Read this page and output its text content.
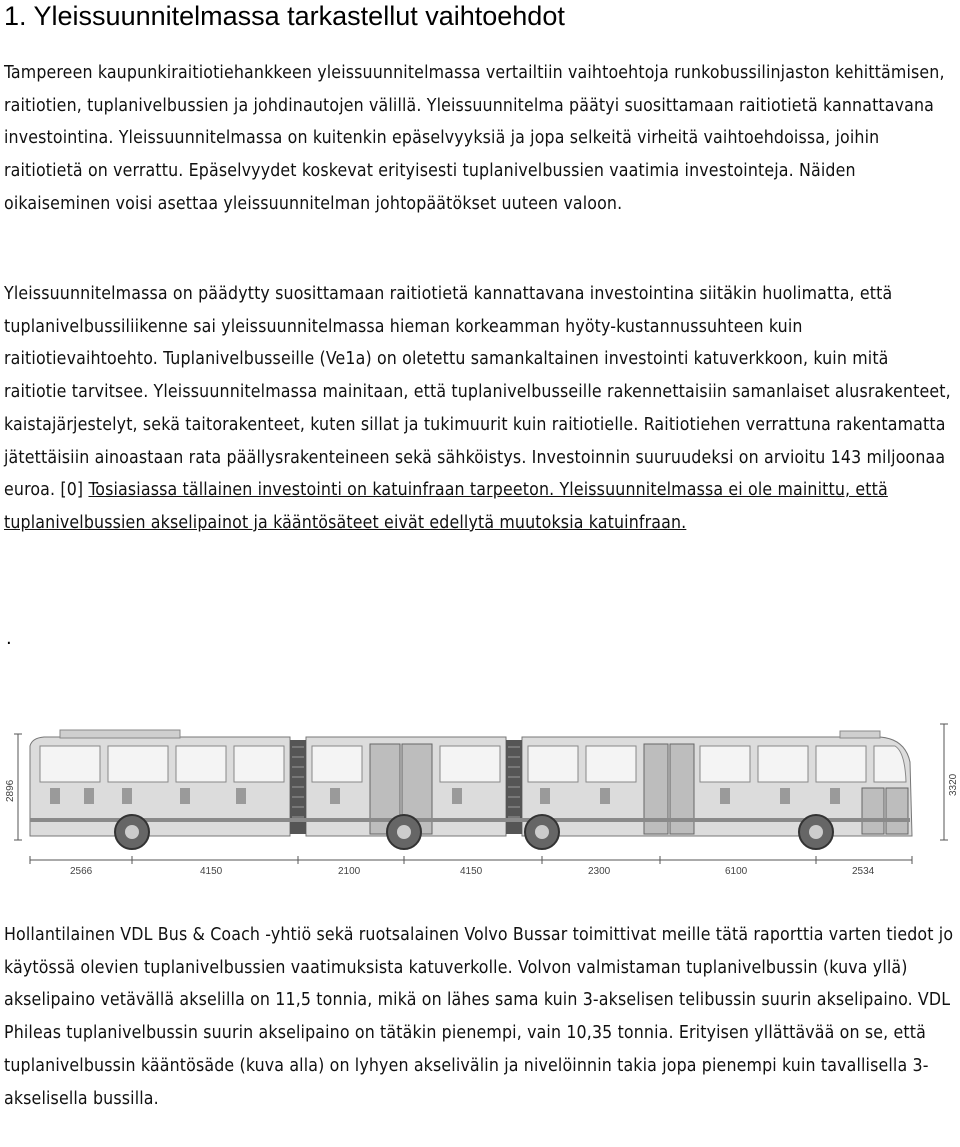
1. Yleissuunnitelmassa tarkastellut vaihtoehdot
Tampereen kaupunkiraitiotiehankkeen yleissuunnitelmassa vertailtiin vaihtoehtoja runkobussilinjaston kehittämisen, raitiotien, tuplanivelbussien ja johdinautojen välillä. Yleissuunnitelma päätyi suosittamaan raitiotietä kannattavana investointina. Yleissuunnitelmassa on kuitenkin epäselvyyksiä ja jopa selkeitä virheitä vaihtoehdoissa, joihin raitiotietä on verrattu. Epäselvyydet koskevat erityisesti tuplanivelbussien vaatimia investointeja. Näiden oikaiseminen voisi asettaa yleissuunnitelman johtopäätökset uuteen valoon.
Yleissuunnitelmassa on päädytty suosittamaan raitiotietä kannattavana investointina siitäkin huolimatta, että tuplanivelbussiliikenne sai yleissuunnitelmassa hieman korkeamman hyöty-kustannussuhteen kuin raitiotievaihtoehto. Tuplanivelbusseille (Ve1a) on oletettu samankaltainen investointi katuverkkoon, kuin mitä raitiotie tarvitsee. Yleissuunnitelmassa mainitaan, että tuplanivelbusseille rakennettaisiin samanlaiset alusrakenteet, kaistajärjestelyt, sekä taitorakenteet, kuten sillat ja tukimuurit kuin raitiotielle. Raitiotiehen verrattuna rakentamatta jätettäisiin ainoastaan rata päällysrakenteineen sekä sähköistys. Investoinnin suuruudeksi on arvioitu 143 miljoonaa euroa. [0] Tosiasiassa tällainen investointi on katuinfraan tarpeeton. Yleissuunnitelmassa ei ole mainittu, että tuplanivelbussien akselipainot ja kääntösäteet eivät edellytä muutoksia katuinfraan.
.
2896	3320
2566	4150	2100	4150	2300	6100	2534
Hollantilainen VDL Bus & Coach -yhtiö sekä ruotsalainen Volvo Bussar toimittivat meille tätä raporttia varten tiedot jo käytössä olevien tuplanivelbussien vaatimuksista katuverkolle. Volvon valmistaman tuplanivelbussin (kuva yllä) akselipaino vetävällä akselilla on 11,5 tonnia, mikä on lähes sama kuin 3-akselisen telibussin suurin akselipaino. VDL Phileas tuplanivelbussin suurin akselipaino on tätäkin pienempi, vain 10,35 tonnia. Erityisen yllättävää on se, että tuplanivelbussin kääntösäde (kuva alla) on lyhyen akselivälin ja nivelöinnin takia jopa pienempi kuin tavallisella 3-akselisella bussilla.
